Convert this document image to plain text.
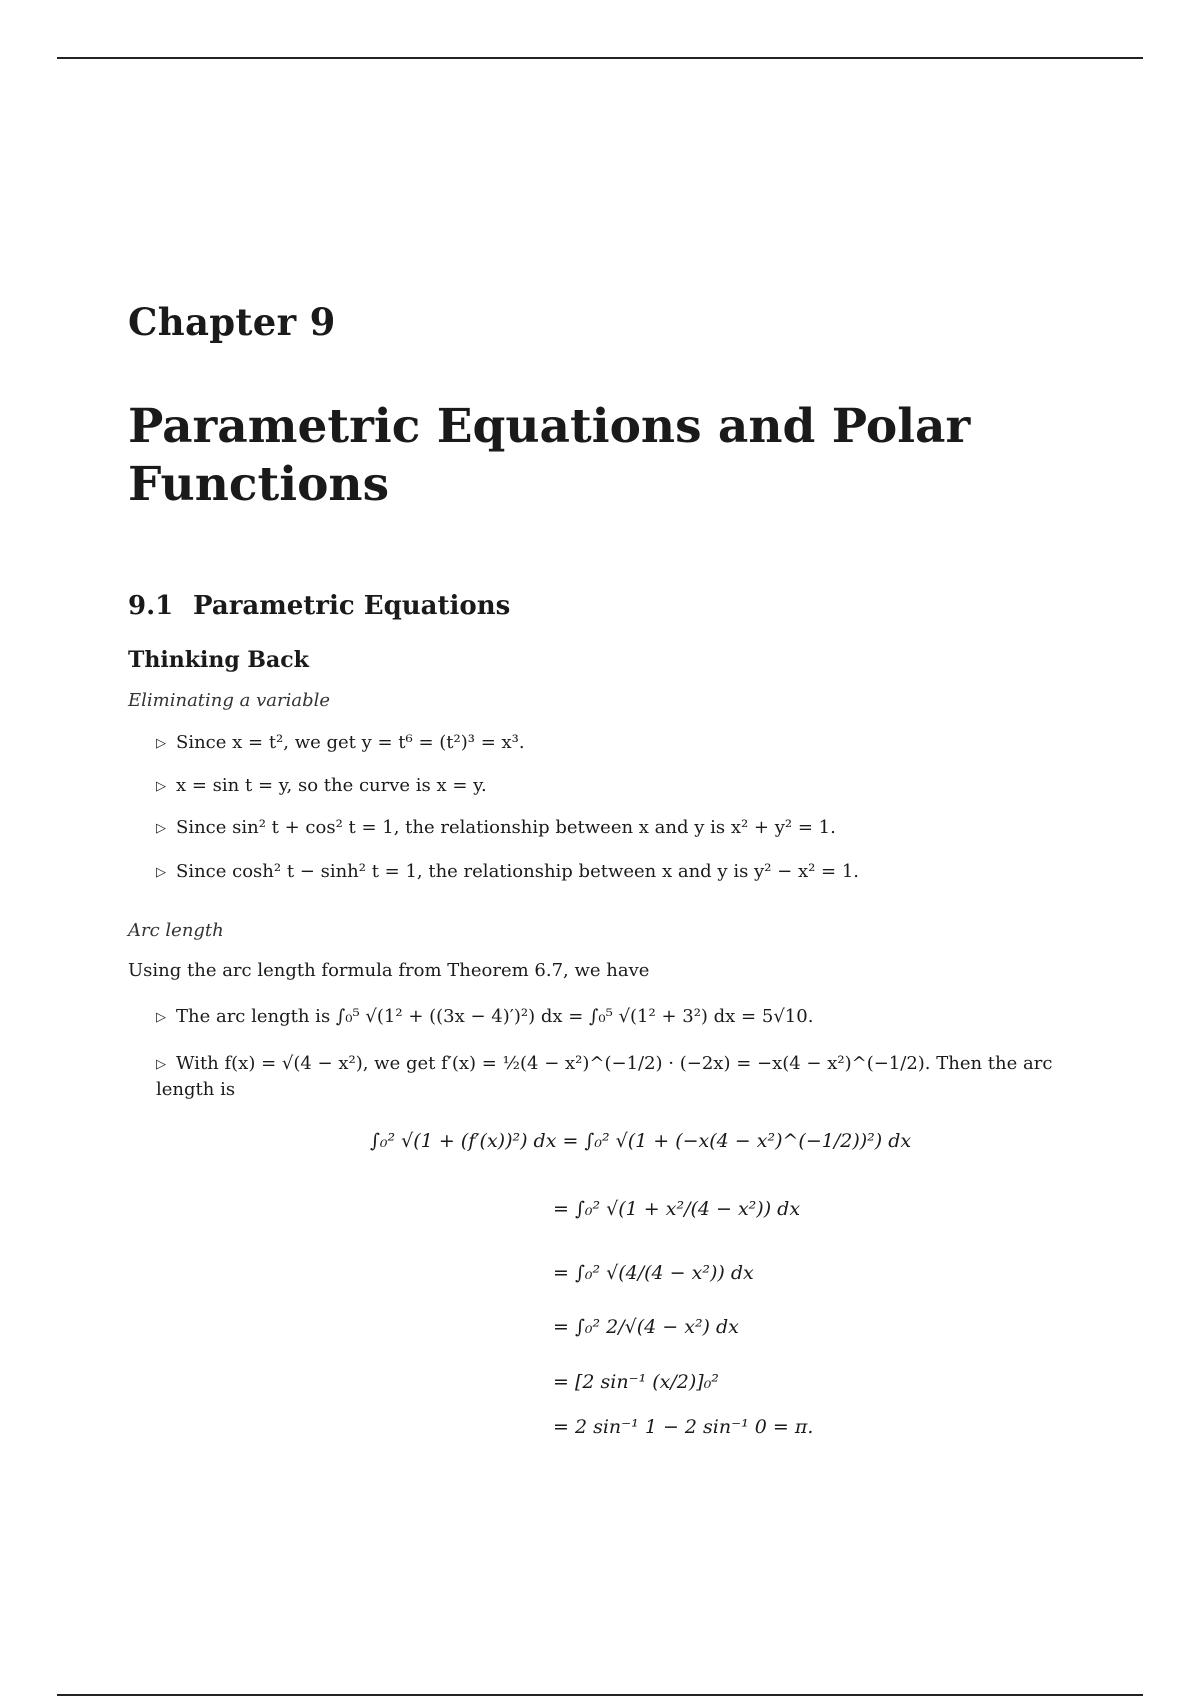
Chapter 9
Parametric Equations and Polar Functions
9.1 Parametric Equations
Thinking Back
Eliminating a variable
▷ Since x = t², we get y = t⁶ = (t²)³ = x³.
▷ x = sin t = y, so the curve is x = y.
▷ Since sin² t + cos² t = 1, the relationship between x and y is x² + y² = 1.
▷ Since cosh² t − sinh² t = 1, the relationship between x and y is y² − x² = 1.
Arc length
Using the arc length formula from Theorem 6.7, we have
▷ The arc length is ∫₀⁵ √(1² + ((3x − 4)′)²) dx = ∫₀⁵ √(1² + 3²) dx = 5√10.
▷ With f(x) = √(4 − x²), we get f′(x) = ½(4 − x²)^(−1/2) · (−2x) = −x(4 − x²)^(−1/2). Then the arc length is
∫₀² √(1 + (f′(x))²) dx = ∫₀² √(1 + (−x(4 − x²)^(−1/2))²) dx
= ∫₀² √(1 + x²/(4 − x²)) dx
= ∫₀² √(4/(4 − x²)) dx
= ∫₀² 2/√(4 − x²) dx
= [2 sin⁻¹ (x/2)]₀²
= 2 sin⁻¹ 1 − 2 sin⁻¹ 0 = π.
